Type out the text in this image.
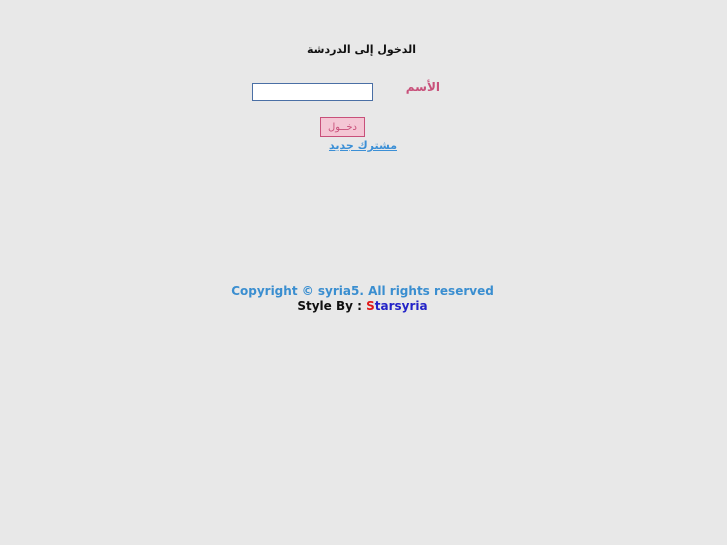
الدخول إلى الدردشة
الأسم
دخــول
مشترك جديد
Copyright © syria5. All rights reserved
Style By : Starsyria
